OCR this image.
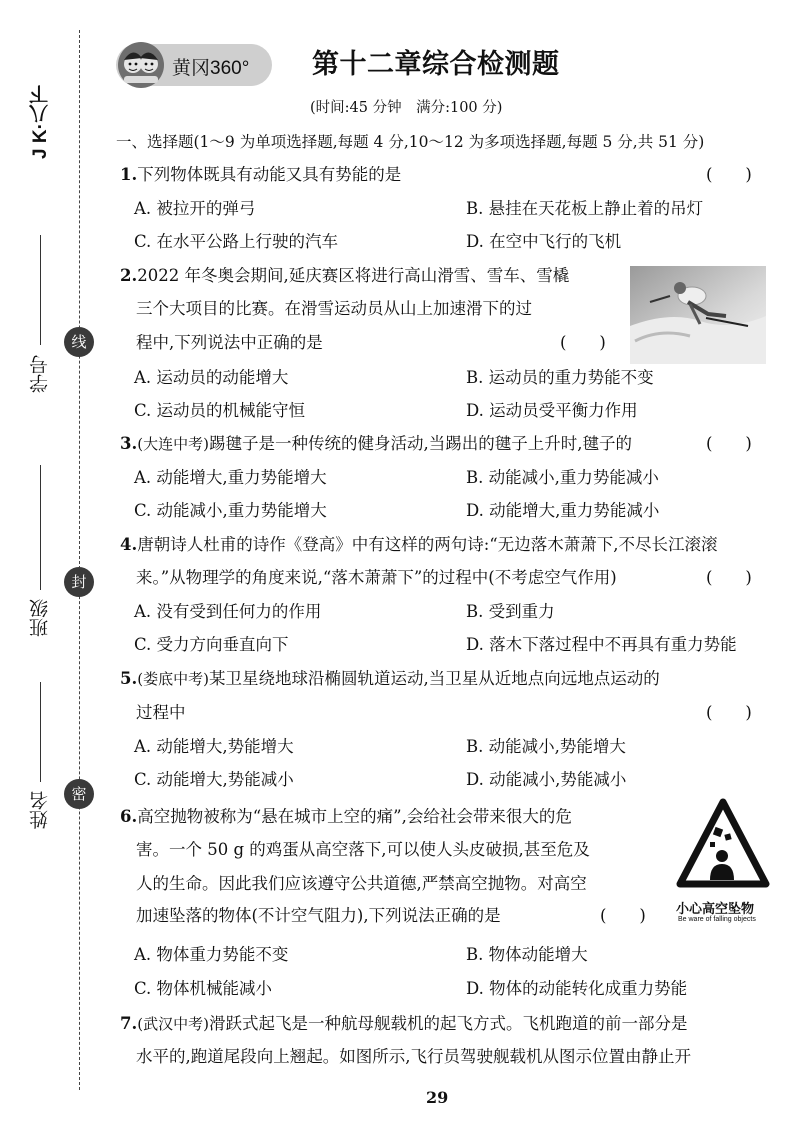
J K·八下
学号
班级
姓名
线
封
密
黄冈360° 第十二章综合检测题
(时间:45 分钟　满分:100 分)
一、选择题(1～9 为单项选择题,每题 4 分,10～12 为多项选择题,每题 5 分,共 51 分)
1.下列物体既具有动能又具有势能的是	(　　)
A. 被拉开的弹弓	B. 悬挂在天花板上静止着的吊灯
C. 在水平公路上行驶的汽车	D. 在空中飞行的飞机
2.2022 年冬奥会期间,延庆赛区将进行高山滑雪、雪车、雪橇
三个大项目的比赛。在滑雪运动员从山上加速滑下的过
程中,下列说法中正确的是	(　　)
A. 运动员的动能增大	B. 运动员的重力势能不变
C. 运动员的机械能守恒	D. 运动员受平衡力作用
3.(大连中考)踢毽子是一种传统的健身活动,当踢出的毽子上升时,毽子的	(　　)
A. 动能增大,重力势能增大	B. 动能减小,重力势能减小
C. 动能减小,重力势能增大	D. 动能增大,重力势能减小
4.唐朝诗人杜甫的诗作《登高》中有这样的两句诗:“无边落木萧萧下,不尽长江滚滚
来。”从物理学的角度来说,“落木萧萧下”的过程中(不考虑空气作用)	(　　)
A. 没有受到任何力的作用	B. 受到重力
C. 受力方向垂直向下	D. 落木下落过程中不再具有重力势能
5.(娄底中考)某卫星绕地球沿椭圆轨道运动,当卫星从近地点向远地点运动的
过程中	(　　)
A. 动能增大,势能增大	B. 动能减小,势能增大
C. 动能增大,势能减小	D. 动能减小,势能减小
6.高空抛物被称为“悬在城市上空的痛”,会给社会带来很大的危
害。一个 50 g 的鸡蛋从高空落下,可以使人头皮破损,甚至危及
人的生命。因此我们应该遵守公共道德,严禁高空抛物。对高空
加速坠落的物体(不计空气阻力),下列说法正确的是	(　　) 小心高空坠物
Be ware of falling objects
A. 物体重力势能不变	B. 物体动能增大
C. 物体机械能减小	D. 物体的动能转化成重力势能
7.(武汉中考)滑跃式起飞是一种航母舰载机的起飞方式。飞机跑道的前一部分是
水平的,跑道尾段向上翘起。如图所示,飞行员驾驶舰载机从图示位置由静止开
29
